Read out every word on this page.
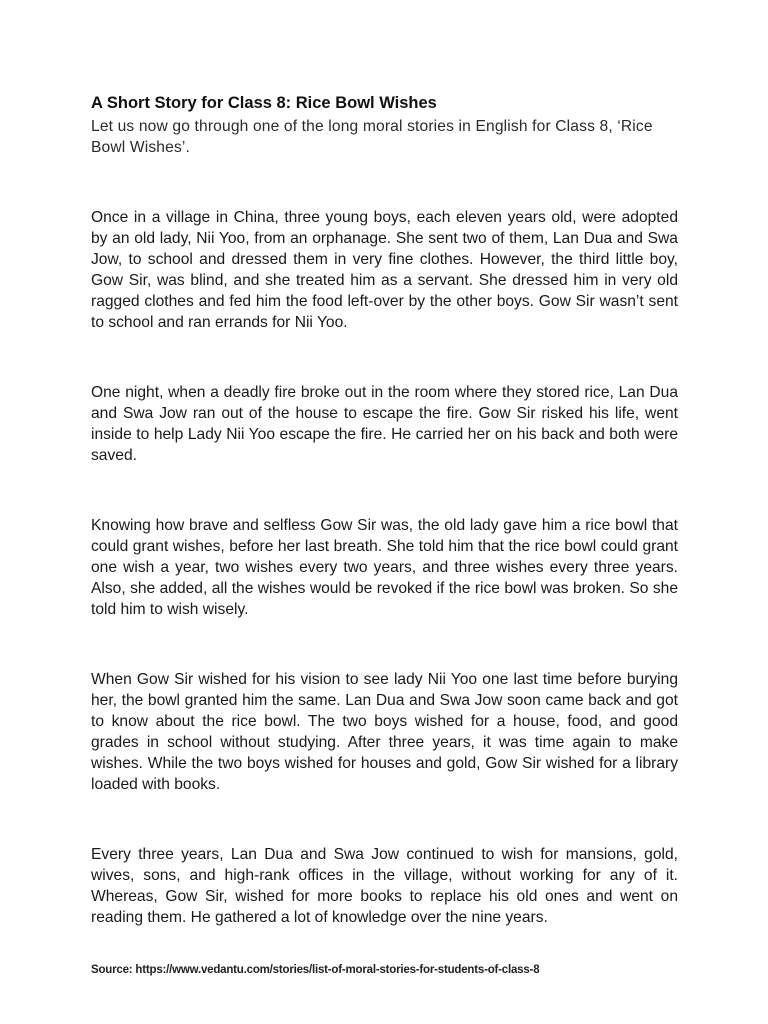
A Short Story for Class 8: Rice Bowl Wishes

Let us now go through one of the long moral stories in English for Class 8, ‘Rice Bowl Wishes’.

Once in a village in China, three young boys, each eleven years old, were adopted by an old lady, Nii Yoo, from an orphanage. She sent two of them, Lan Dua and Swa Jow, to school and dressed them in very fine clothes. However, the third little boy, Gow Sir, was blind, and she treated him as a servant. She dressed him in very old ragged clothes and fed him the food left-over by the other boys. Gow Sir wasn’t sent to school and ran errands for Nii Yoo.

One night, when a deadly fire broke out in the room where they stored rice, Lan Dua and Swa Jow ran out of the house to escape the fire. Gow Sir risked his life, went inside to help Lady Nii Yoo escape the fire. He carried her on his back and both were saved.

Knowing how brave and selfless Gow Sir was, the old lady gave him a rice bowl that could grant wishes, before her last breath. She told him that the rice bowl could grant one wish a year, two wishes every two years, and three wishes every three years. Also, she added, all the wishes would be revoked if the rice bowl was broken. So she told him to wish wisely.

When Gow Sir wished for his vision to see lady Nii Yoo one last time before burying her, the bowl granted him the same. Lan Dua and Swa Jow soon came back and got to know about the rice bowl. The two boys wished for a house, food, and good grades in school without studying. After three years, it was time again to make wishes. While the two boys wished for houses and gold, Gow Sir wished for a library loaded with books.

Every three years, Lan Dua and Swa Jow continued to wish for mansions, gold, wives, sons, and high-rank offices in the village, without working for any of it. Whereas, Gow Sir, wished for more books to replace his old ones and went on reading them. He gathered a lot of knowledge over the nine years.

Source: https://www.vedantu.com/stories/list-of-moral-stories-for-students-of-class-8
